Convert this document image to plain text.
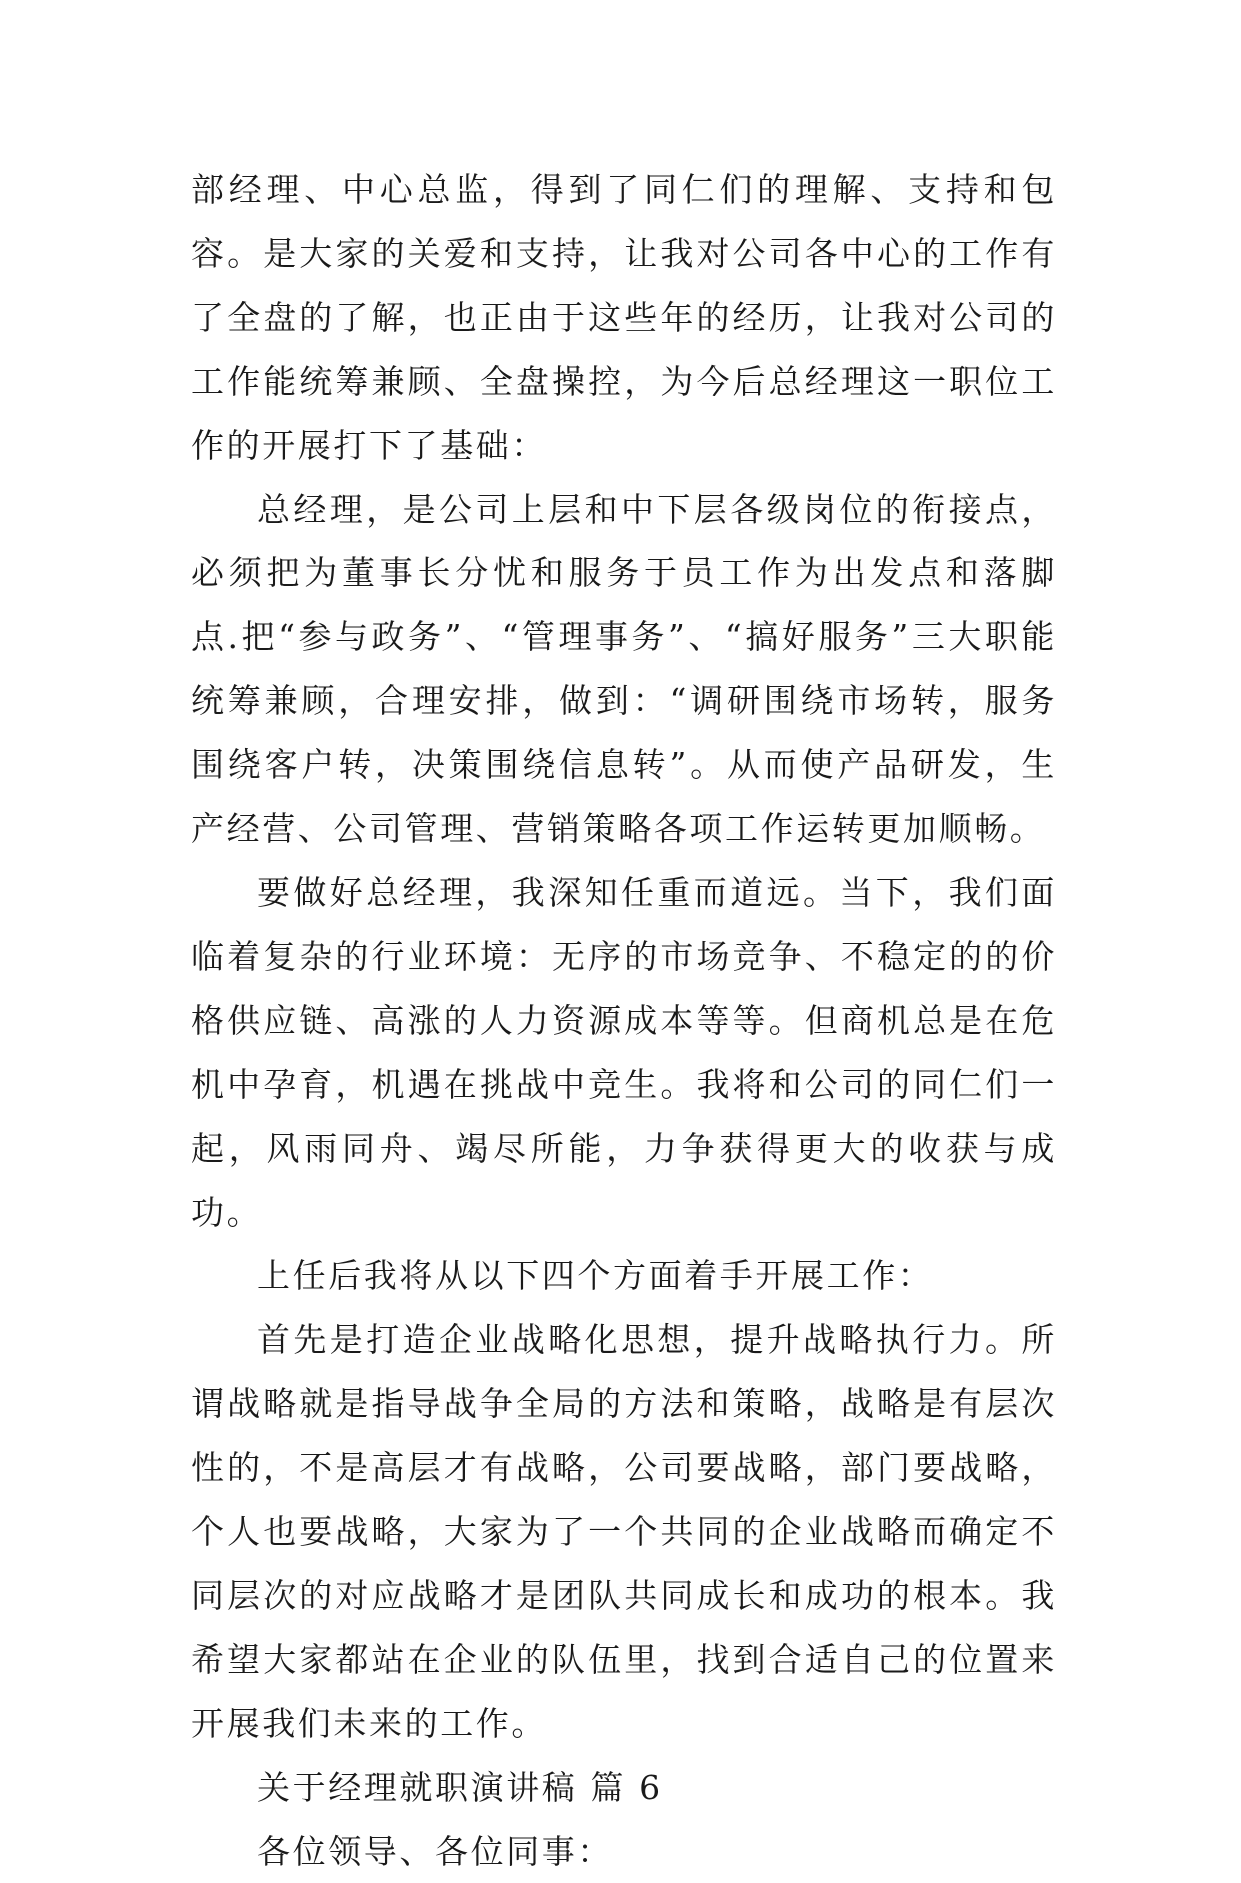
部经理、中心总监，得到了同仁们的理解、支持和包容。是大家的关爱和支持，让我对公司各中心的工作有了全盘的了解，也正由于这些年的经历，让我对公司的工作能统筹兼顾、全盘操控，为今后总经理这一职位工作的开展打下了基础：

总经理，是公司上层和中下层各级岗位的衔接点，必须把为董事长分忧和服务于员工作为出发点和落脚点.把“参与政务”、“管理事务”、“搞好服务”三大职能统筹兼顾，合理安排，做到：“调研围绕市场转，服务围绕客户转，决策围绕信息转”。从而使产品研发，生产经营、公司管理、营销策略各项工作运转更加顺畅。

要做好总经理，我深知任重而道远。当下，我们面临着复杂的行业环境：无序的市场竞争、不稳定的的价格供应链、高涨的人力资源成本等等。但商机总是在危机中孕育，机遇在挑战中竞生。我将和公司的同仁们一起，风雨同舟、竭尽所能，力争获得更大的收获与成功。

上任后我将从以下四个方面着手开展工作：

首先是打造企业战略化思想，提升战略执行力。所谓战略就是指导战争全局的方法和策略，战略是有层次性的，不是高层才有战略，公司要战略，部门要战略，个人也要战略，大家为了一个共同的企业战略而确定不同层次的对应战略才是团队共同成长和成功的根本。我希望大家都站在企业的队伍里，找到合适自己的位置来开展我们未来的工作。

关于经理就职演讲稿 篇 6

各位领导、各位同事：
